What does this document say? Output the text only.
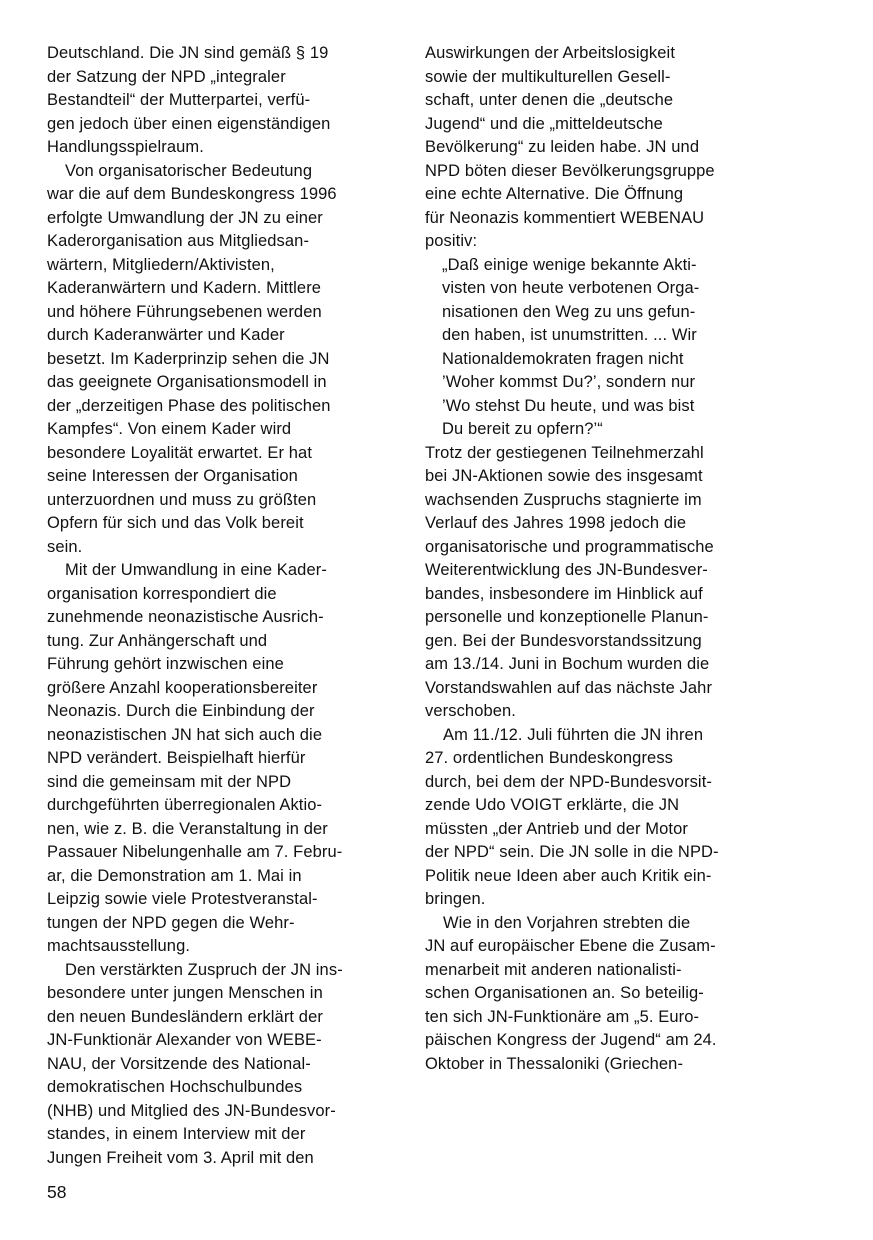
Deutschland. Die JN sind gemäß § 19
der Satzung der NPD „integraler
Bestandteil“ der Mutterpartei, verfü-
gen jedoch über einen eigenständigen
Handlungsspielraum.
Von organisatorischer Bedeutung
war die auf dem Bundeskongress 1996
erfolgte Umwandlung der JN zu einer
Kaderorganisation aus Mitgliedsan-
wärtern, Mitgliedern/Aktivisten,
Kaderanwärtern und Kadern. Mittlere
und höhere Führungsebenen werden
durch Kaderanwärter und Kader
besetzt. Im Kaderprinzip sehen die JN
das geeignete Organisationsmodell in
der „derzeitigen Phase des politischen
Kampfes“. Von einem Kader wird
besondere Loyalität erwartet. Er hat
seine Interessen der Organisation
unterzuordnen und muss zu größten
Opfern für sich und das Volk bereit
sein.
Mit der Umwandlung in eine Kader-
organisation korrespondiert die
zunehmende neonazistische Ausrich-
tung. Zur Anhängerschaft und
Führung gehört inzwischen eine
größere Anzahl kooperationsbereiter
Neonazis. Durch die Einbindung der
neonazistischen JN hat sich auch die
NPD verändert. Beispielhaft hierfür
sind die gemeinsam mit der NPD
durchgeführten überregionalen Aktio-
nen, wie z. B. die Veranstaltung in der
Passauer Nibelungenhalle am 7. Febru-
ar, die Demonstration am 1. Mai in
Leipzig sowie viele Protestveranstal-
tungen der NPD gegen die Wehr-
machtsausstellung.
Den verstärkten Zuspruch der JN ins-
besondere unter jungen Menschen in
den neuen Bundesländern erklärt der
JN-Funktionär Alexander von WEBE-
NAU, der Vorsitzende des National-
demokratischen Hochschulbundes
(NHB) und Mitglied des JN-Bundesvor-
standes, in einem Interview mit der
Jungen Freiheit vom 3. April mit den
Auswirkungen der Arbeitslosigkeit
sowie der multikulturellen Gesell-
schaft, unter denen die „deutsche
Jugend“ und die „mitteldeutsche
Bevölkerung“ zu leiden habe. JN und
NPD böten dieser Bevölkerungsgruppe
eine echte Alternative. Die Öffnung
für Neonazis kommentiert WEBENAU
positiv:
„Daß einige wenige bekannte Akti-
visten von heute verbotenen Orga-
nisationen den Weg zu uns gefun-
den haben, ist unumstritten. ... Wir
Nationaldemokraten fragen nicht
’Woher kommst Du?’, sondern nur
’Wo stehst Du heute, und was bist
Du bereit zu opfern?’“
Trotz der gestiegenen Teilnehmerzahl
bei JN-Aktionen sowie des insgesamt
wachsenden Zuspruchs stagnierte im
Verlauf des Jahres 1998 jedoch die
organisatorische und programmatische
Weiterentwicklung des JN-Bundesver-
bandes, insbesondere im Hinblick auf
personelle und konzeptionelle Planun-
gen. Bei der Bundesvorstandssitzung
am 13./14. Juni in Bochum wurden die
Vorstandswahlen auf das nächste Jahr
verschoben.
Am 11./12. Juli führten die JN ihren
27. ordentlichen Bundeskongress
durch, bei dem der NPD-Bundesvorsit-
zende Udo VOIGT erklärte, die JN
müssten „der Antrieb und der Motor
der NPD“ sein. Die JN solle in die NPD-
Politik neue Ideen aber auch Kritik ein-
bringen.
Wie in den Vorjahren strebten die
JN auf europäischer Ebene die Zusam-
menarbeit mit anderen nationalisti-
schen Organisationen an. So beteilig-
ten sich JN-Funktionäre am „5. Euro-
päischen Kongress der Jugend“ am 24.
Oktober in Thessaloniki (Griechen-
58
